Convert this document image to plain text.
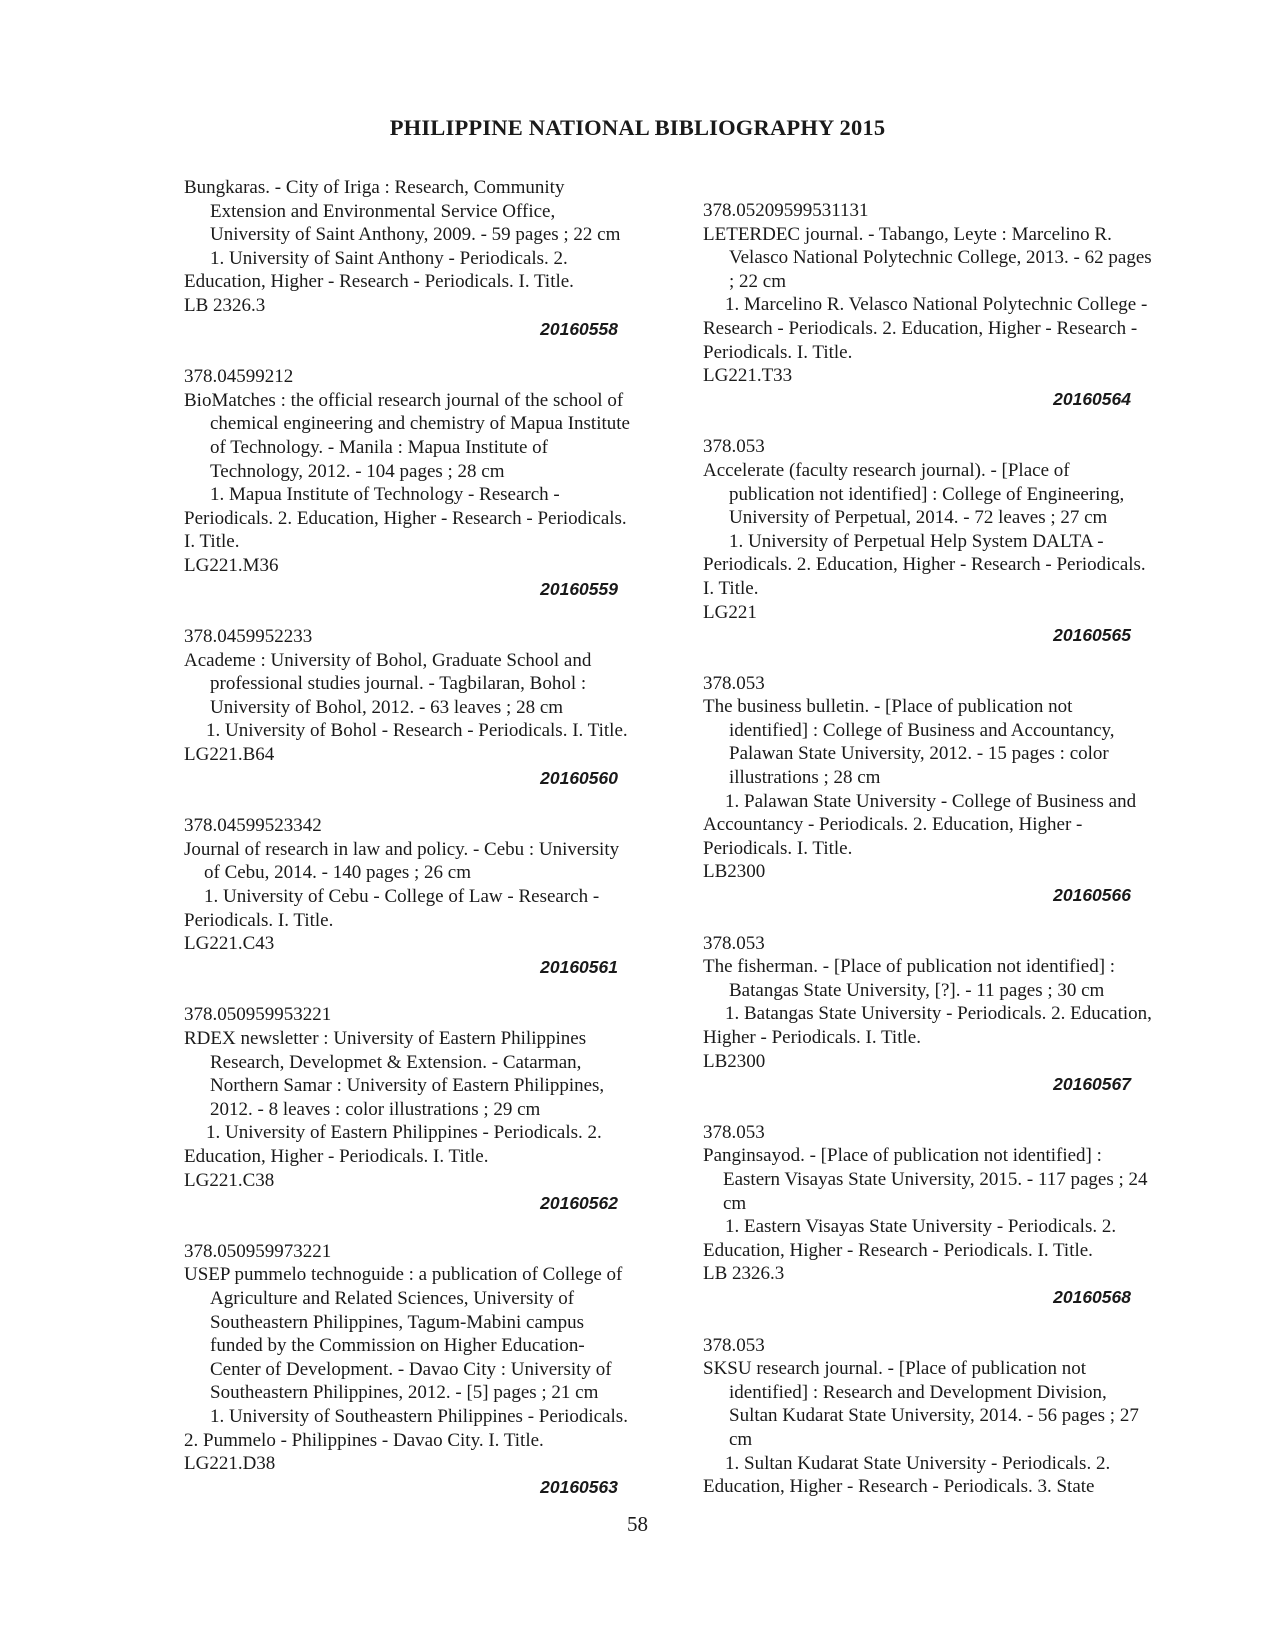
PHILIPPINE NATIONAL BIBLIOGRAPHY 2015
Bungkaras. - City of Iriga : Research, Community
Extension and Environmental Service Office,
University of Saint Anthony, 2009. - 59 pages ; 22 cm
1. University of Saint Anthony - Periodicals. 2.
Education, Higher - Research - Periodicals. I. Title.
LB 2326.3
20160558
378.04599212
BioMatches : the official research journal of the school of
chemical engineering and chemistry of Mapua Institute
of Technology. - Manila : Mapua Institute of
Technology, 2012. - 104 pages ; 28 cm
1. Mapua Institute of Technology - Research -
Periodicals. 2. Education, Higher - Research - Periodicals.
I. Title.
LG221.M36
20160559
378.0459952233
Academe : University of Bohol, Graduate School and
professional studies journal. - Tagbilaran, Bohol :
University of Bohol, 2012. - 63 leaves ; 28 cm
1. University of Bohol - Research - Periodicals. I. Title.
LG221.B64
20160560
378.04599523342
Journal of research in law and policy. - Cebu : University
of Cebu, 2014. - 140 pages ; 26 cm
1. University of Cebu - College of Law - Research -
Periodicals. I. Title.
LG221.C43
20160561
378.050959953221
RDEX newsletter : University of Eastern Philippines
Research, Developmet & Extension. - Catarman,
Northern Samar : University of Eastern Philippines,
2012. - 8 leaves : color illustrations ; 29 cm
1. University of Eastern Philippines - Periodicals. 2.
Education, Higher - Periodicals. I. Title.
LG221.C38
20160562
378.050959973221
USEP pummelo technoguide : a publication of College of
Agriculture and Related Sciences, University of
Southeastern Philippines, Tagum-Mabini campus
funded by the Commission on Higher Education-
Center of Development. - Davao City : University of
Southeastern Philippines, 2012. - [5] pages ; 21 cm
1. University of Southeastern Philippines - Periodicals.
2. Pummelo - Philippines - Davao City. I. Title.
LG221.D38
20160563
378.05209599531131
LETERDEC journal. - Tabango, Leyte : Marcelino R.
Velasco National Polytechnic College, 2013. - 62 pages
; 22 cm
1. Marcelino R. Velasco National Polytechnic College -
Research - Periodicals. 2. Education, Higher - Research -
Periodicals. I. Title.
LG221.T33
20160564
378.053
Accelerate (faculty research journal). - [Place of
publication not identified] : College of Engineering,
University of Perpetual, 2014. - 72 leaves ; 27 cm
1. University of Perpetual Help System DALTA -
Periodicals. 2. Education, Higher - Research - Periodicals.
I. Title.
LG221
20160565
378.053
The business bulletin. - [Place of publication not
identified] : College of Business and Accountancy,
Palawan State University, 2012. - 15 pages : color
illustrations ; 28 cm
1. Palawan State University - College of Business and
Accountancy - Periodicals. 2. Education, Higher -
Periodicals. I. Title.
LB2300
20160566
378.053
The fisherman. - [Place of publication not identified] :
Batangas State University, [?]. - 11 pages ; 30 cm
1. Batangas State University - Periodicals. 2. Education,
Higher - Periodicals. I. Title.
LB2300
20160567
378.053
Panginsayod. - [Place of publication not identified] :
Eastern Visayas State University, 2015. - 117 pages ; 24
cm
1. Eastern Visayas State University - Periodicals. 2.
Education, Higher - Research - Periodicals. I. Title.
LB 2326.3
20160568
378.053
SKSU research journal. - [Place of publication not
identified] : Research and Development Division,
Sultan Kudarat State University, 2014. - 56 pages ; 27
cm
1. Sultan Kudarat State University - Periodicals. 2.
Education, Higher - Research - Periodicals. 3. State
58
